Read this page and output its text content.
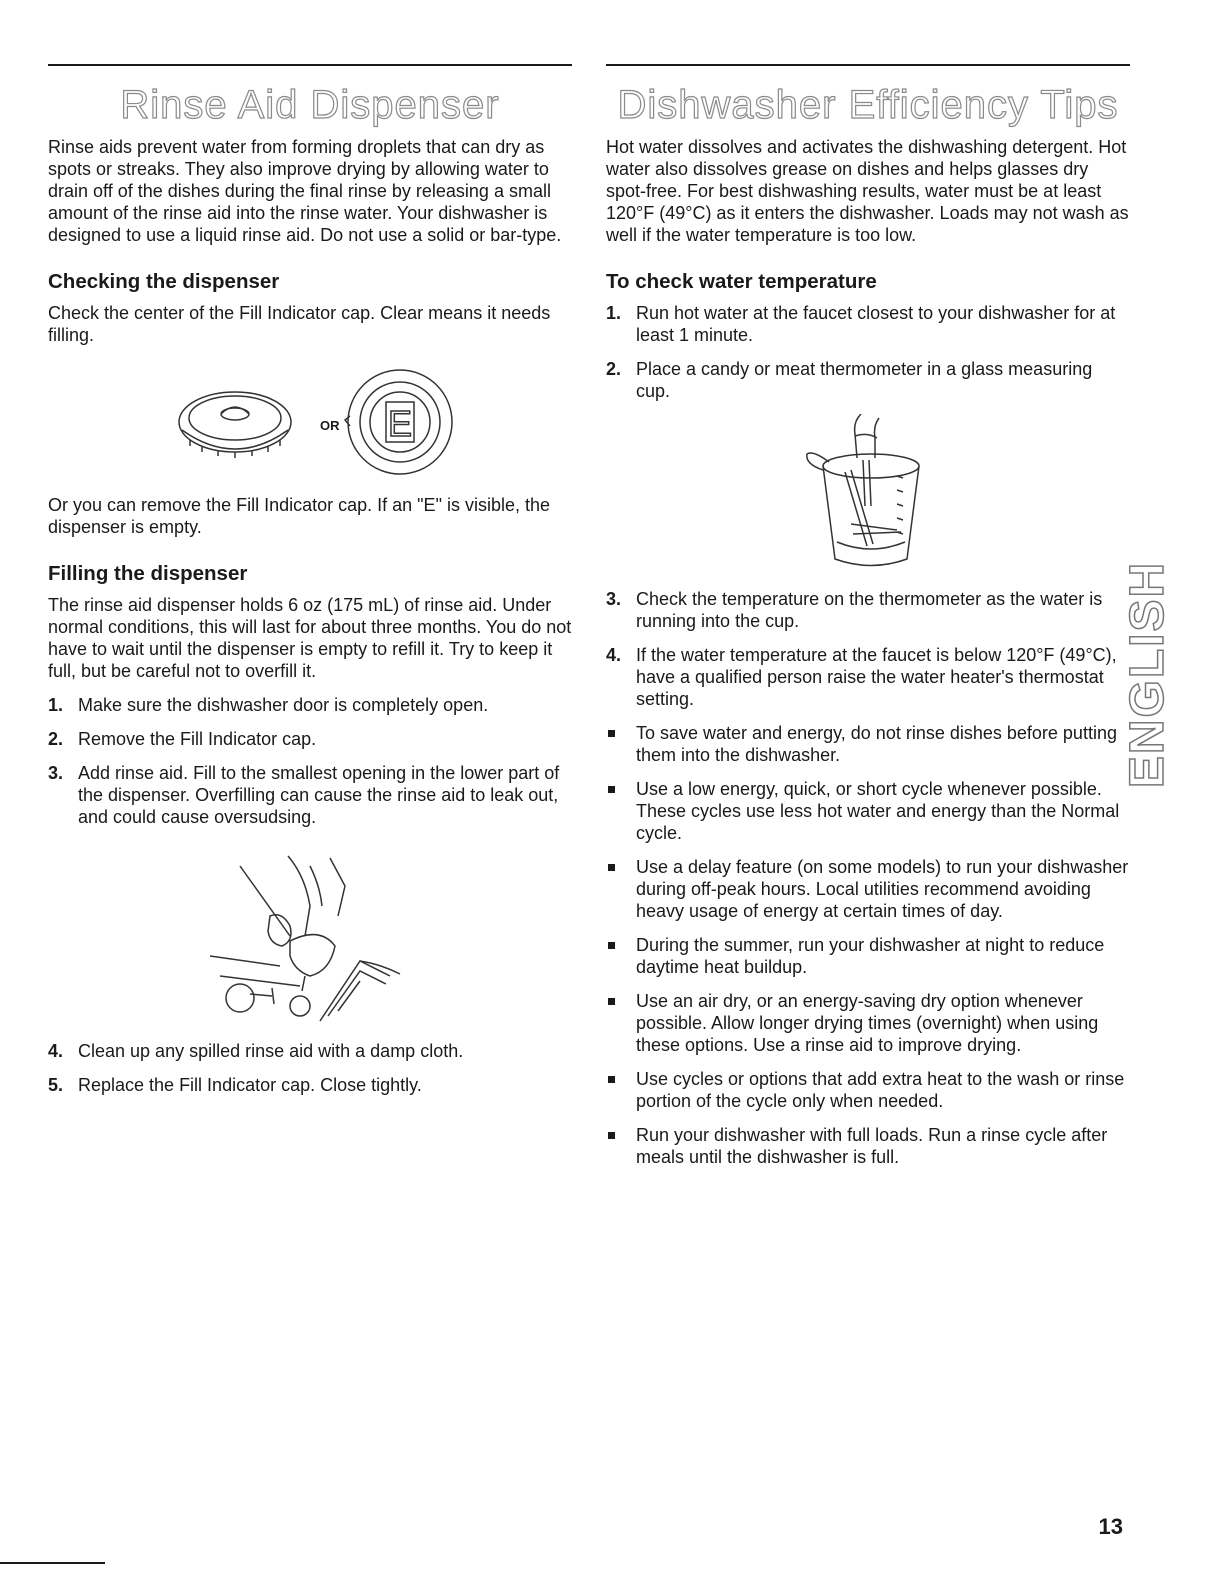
Rinse Aid Dispenser

Rinse aids prevent water from forming droplets that can dry as spots or streaks. They also improve drying by allowing water to drain off of the dishes during the final rinse by releasing a small amount of the rinse aid into the rinse water. Your dishwasher is designed to use a liquid rinse aid. Do not use a solid or bar-type.

Checking the dispenser

Check the center of the Fill Indicator cap. Clear means it needs filling.

OR E

Or you can remove the Fill Indicator cap. If an "E" is visible, the dispenser is empty.

Filling the dispenser

The rinse aid dispenser holds 6 oz (175 mL) of rinse aid. Under normal conditions, this will last for about three months. You do not have to wait until the dispenser is empty to refill it. Try to keep it full, but be careful not to overfill it.

1. Make sure the dishwasher door is completely open.
2. Remove the Fill Indicator cap.
3. Add rinse aid. Fill to the smallest opening in the lower part of the dispenser. Overfilling can cause the rinse aid to leak out, and could cause oversudsing.
4. Clean up any spilled rinse aid with a damp cloth.
5. Replace the Fill Indicator cap. Close tightly.
Dishwasher Efficiency Tips

Hot water dissolves and activates the dishwashing detergent. Hot water also dissolves grease on dishes and helps glasses dry spot-free. For best dishwashing results, water must be at least 120°F (49°C) as it enters the dishwasher. Loads may not wash as well if the water temperature is too low.

To check water temperature
1. Run hot water at the faucet closest to your dishwasher for at least 1 minute.
2. Place a candy or meat thermometer in a glass measuring cup.
3. Check the temperature on the thermometer as the water is running into the cup.
4. If the water temperature at the faucet is below 120°F (49°C), have a qualified person raise the water heater's thermostat setting.
To save water and energy, do not rinse dishes before putting them into the dishwasher.
Use a low energy, quick, or short cycle whenever possible. These cycles use less hot water and energy than the Normal cycle.
Use a delay feature (on some models) to run your dishwasher during off-peak hours. Local utilities recommend avoiding heavy usage of energy at certain times of day.
During the summer, run your dishwasher at night to reduce daytime heat buildup.
Use an air dry, or an energy-saving dry option whenever possible. Allow longer drying times (overnight) when using these options. Use a rinse aid to improve drying.
Use cycles or options that add extra heat to the wash or rinse portion of the cycle only when needed.
Run your dishwasher with full loads. Run a rinse cycle after meals until the dishwasher is full.
ENGLISH
13
